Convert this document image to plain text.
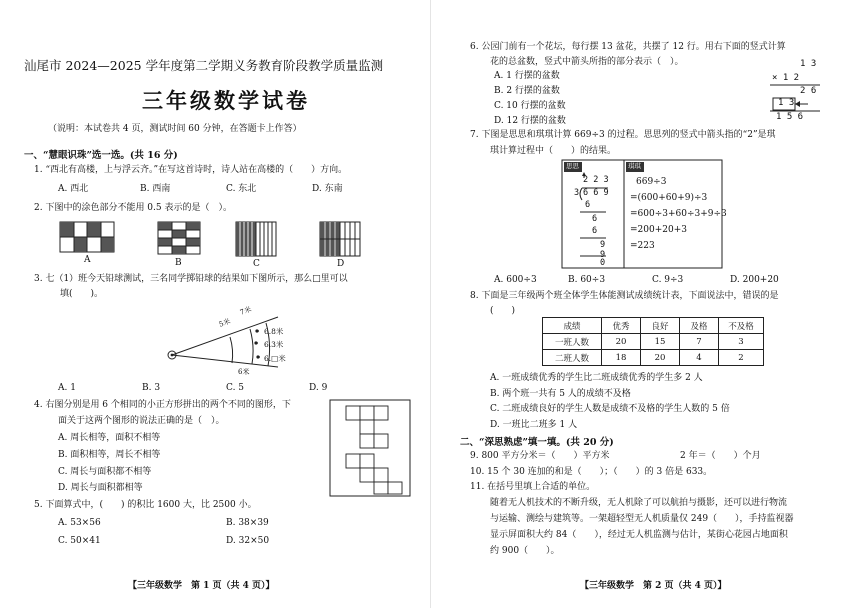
汕尾市 2024—2025 学年度第二学期义务教育阶段教学质量监测
三年级数学试卷
（说明：本试卷共 4 页，测试时间 60 分钟，在答题卡上作答）
一、“慧眼识珠”选一选。(共 16 分)
1. “西北有高楼，上与浮云齐。”在写这首诗时，诗人站在高楼的（　　）方向。
A. 西北	B. 西南	C. 东北	D. 东南
2. 下图中的涂色部分不能用 0.5 表示的是（　）。
A	B	C	D
3. 七（1）班今天铅球测试，三名同学掷铅球的结果如下图所示，那么□里可以
填(　　)。
5米
7米
6米
6.8米
6.3米
6.□米
A. 1	B. 3	C. 5	D. 9
4. 右图分别是用 6 个相同的小正方形拼出的两个不同的图形，下
面关于这两个图形的说法正确的是（　）。
A. 周长相等，面积不相等
B. 面积相等，周长不相等
C. 周长与面积都不相等
D. 周长与面积都相等
5. 下面算式中，(　　) 的积比 1600 大，比 2500 小。
A. 53×56	B. 38×39
C. 50×41	D. 32×50
【三年级数学　第 1 页（共 4 页）】
6. 公园门前有一个花坛，每行摆 13 盆花，共摆了 12 行。用右下面的竖式计算
花的总盆数，竖式中箭头所指的部分表示（　）。
A. 1 行摆的盆数
B. 2 行摆的盆数
C. 10 行摆的盆数
D. 12 行摆的盆数
1 3
× 1 2
2 6
1 3
1 5 6
7. 下图是思思和琪琪计算 669÷3 的过程。思思列的竖式中箭头指的“2”是琪
琪计算过程中（　　）的结果。
思思	琪琪
2 2 3
3 6 6 9
6
6
6
9
9
0
669÷3
=(600+60+9)÷3
=600÷3+60÷3+9÷3
=200+20+3
=223
A. 600÷3	B. 60÷3	C. 9÷3	D. 200+20
8. 下面是三年级两个班全体学生体能测试成绩统计表，下面说法中，错误的是
(　　)
成绩	优秀	良好	及格	不及格
一班人数	20	15	7	3
二班人数	18	20	4	2
A. 一班成绩优秀的学生比二班成绩优秀的学生多 2 人
B. 两个班一共有 5 人的成绩不及格
C. 二班成绩良好的学生人数是成绩不及格的学生人数的 5 倍
D. 一班比二班多 1 人
二、“深思熟虑”填一填。(共 20 分)
9. 800 平方分米＝（　　）平方米	2 年＝（　　）个月
10. 15 个 30 连加的和是（　　）；（　　）的 3 倍是 633。
11. 在括号里填上合适的单位。
随着无人机技术的不断升级，无人机除了可以航拍与摄影，还可以进行物流
与运输、测绘与建筑等。一架超轻型无人机质量仅 249（　　），手持监视器
显示屏面积大约 84（　　），经过无人机监测与估计，某街心花园占地面积
约 900（　　）。
【三年级数学　第 2 页（共 4 页）】
